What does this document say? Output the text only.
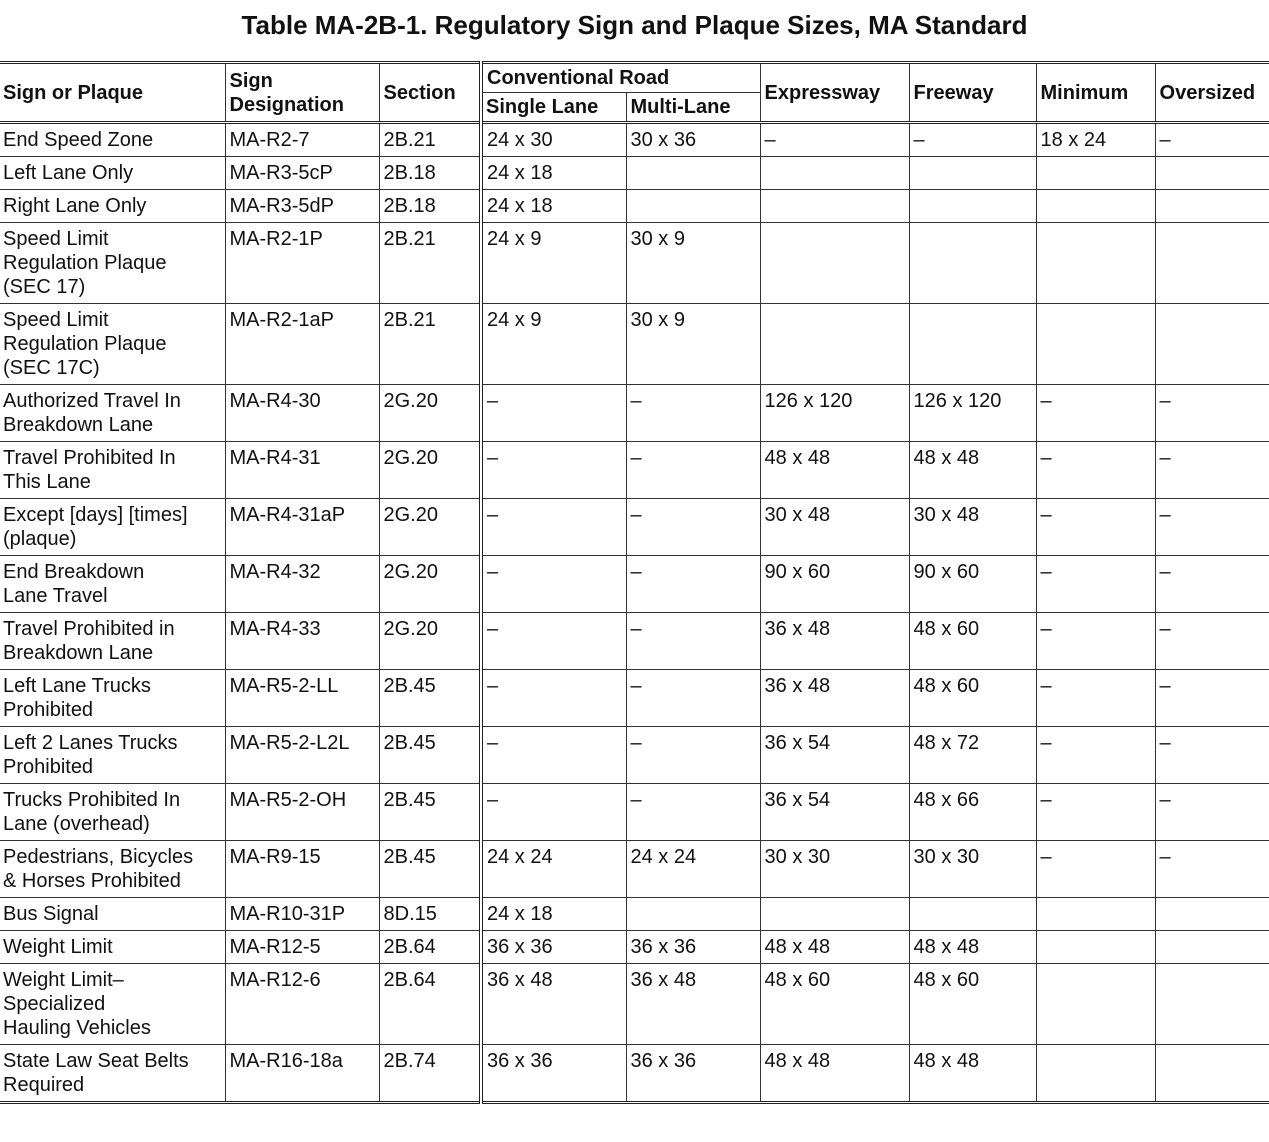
Table MA-2B-1. Regulatory Sign and Plaque Sizes, MA Standard
Sign or Plaque	Sign Designation	Section	Conventional Road		Expressway	Freeway	Minimum	Oversized
			Single Lane	Multi-Lane				
End Speed Zone	MA-R2-7	2B.21	24 x 30	30 x 36	–	–	18 x 24	–
Left Lane Only	MA-R3-5cP	2B.18	24 x 18					
Right Lane Only	MA-R3-5dP	2B.18	24 x 18					
Speed Limit
Regulation Plaque
(SEC 17)	MA-R2-1P	2B.21	24 x 9	30 x 9				
Speed Limit
Regulation Plaque
(SEC 17C)	MA-R2-1aP	2B.21	24 x 9	30 x 9				
Authorized Travel In
Breakdown Lane	MA-R4-30	2G.20	–	–	126 x 120	126 x 120	–	–
Travel Prohibited In
This Lane	MA-R4-31	2G.20	–	–	48 x 48	48 x 48	–	–
Except [days] [times]
(plaque)	MA-R4-31aP	2G.20	–	–	30 x 48	30 x 48	–	–
End Breakdown
Lane Travel	MA-R4-32	2G.20	–	–	90 x 60	90 x 60	–	–
Travel Prohibited in
Breakdown Lane	MA-R4-33	2G.20	–	–	36 x 48	48 x 60	–	–
Left Lane Trucks
Prohibited	MA-R5-2-LL	2B.45	–	–	36 x 48	48 x 60	–	–
Left 2 Lanes Trucks
Prohibited	MA-R5-2-L2L	2B.45	–	–	36 x 54	48 x 72	–	–
Trucks Prohibited In
Lane (overhead)	MA-R5-2-OH	2B.45	–	–	36 x 54	48 x 66	–	–
Pedestrians, Bicycles
& Horses Prohibited	MA-R9-15	2B.45	24 x 24	24 x 24	30 x 30	30 x 30	–	–
Bus Signal	MA-R10-31P	8D.15	24 x 18					
Weight Limit	MA-R12-5	2B.64	36 x 36	36 x 36	48 x 48	48 x 48		
Weight Limit–
Specialized
Hauling Vehicles	MA-R12-6	2B.64	36 x 48	36 x 48	48 x 60	48 x 60		
State Law Seat Belts
Required	MA-R16-18a	2B.74	36 x 36	36 x 36	48 x 48	48 x 48		
